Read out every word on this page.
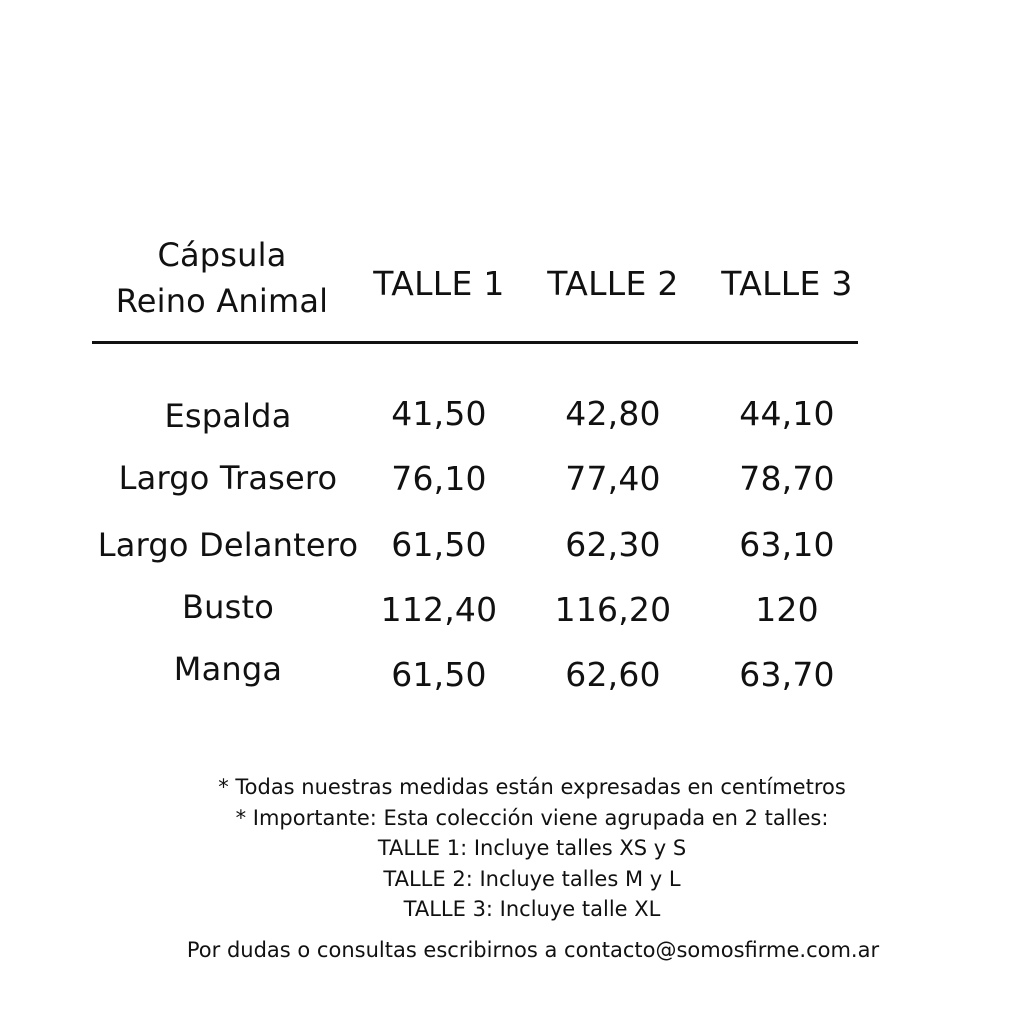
Cápsula
Reino Animal	TALLE 1	TALLE 2	TALLE 3
Espalda	41,50	42,80	44,10
Largo Trasero	76,10	77,40	78,70
Largo Delantero	61,50	62,30	63,10
Busto	112,40	116,20	120
Manga	61,50	62,60	63,70
* Todas nuestras medidas están expresadas en centímetros
* Importante: Esta colección viene agrupada en 2 talles:
TALLE 1: Incluye talles XS y S
TALLE 2: Incluye talles M y L
TALLE 3: Incluye talle XL
Por dudas o consultas escribirnos a contacto@somosfirme.com.ar
